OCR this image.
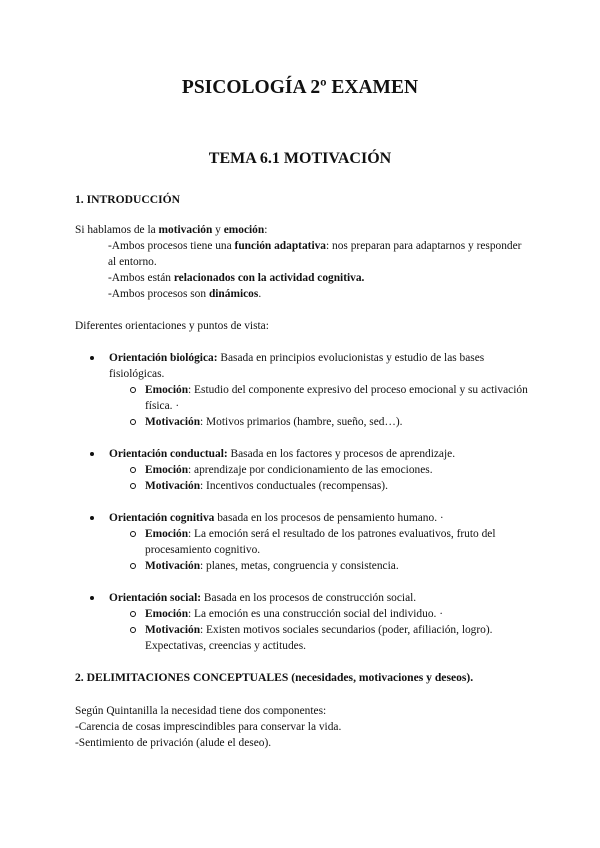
PSICOLOGÍA 2º EXAMEN
TEMA 6.1 MOTIVACIÓN
1. INTRODUCCIÓN

Si hablamos de la motivación y emoción:

-Ambos procesos tiene una función adaptativa: nos preparan para adaptarnos y responder al entorno.

-Ambos están relacionados con la actividad cognitiva.

-Ambos procesos son dinámicos.

Diferentes orientaciones y puntos de vista:

Orientación biológica: Basada en principios evolucionistas y estudio de las bases fisiológicas.

Emoción: Estudio del componente expresivo del proceso emocional y su activación física. ·

Motivación: Motivos primarios (hambre, sueño, sed…).

Orientación conductual: Basada en los factores y procesos de aprendizaje.

Emoción: aprendizaje por condicionamiento de las emociones.

Motivación: Incentivos conductuales (recompensas).

Orientación cognitiva basada en los procesos de pensamiento humano. ·

Emoción: La emoción será el resultado de los patrones evaluativos, fruto del procesamiento cognitivo.

Motivación: planes, metas, congruencia y consistencia.

Orientación social: Basada en los procesos de construcción social.

Emoción: La emoción es una construcción social del individuo. ·

Motivación: Existen motivos sociales secundarios (poder, afiliación, logro). Expectativas, creencias y actitudes.

2. DELIMITACIONES CONCEPTUALES (necesidades, motivaciones y deseos).

Según Quintanilla la necesidad tiene dos componentes:

-Carencia de cosas imprescindibles para conservar la vida.

-Sentimiento de privación (alude el deseo).
